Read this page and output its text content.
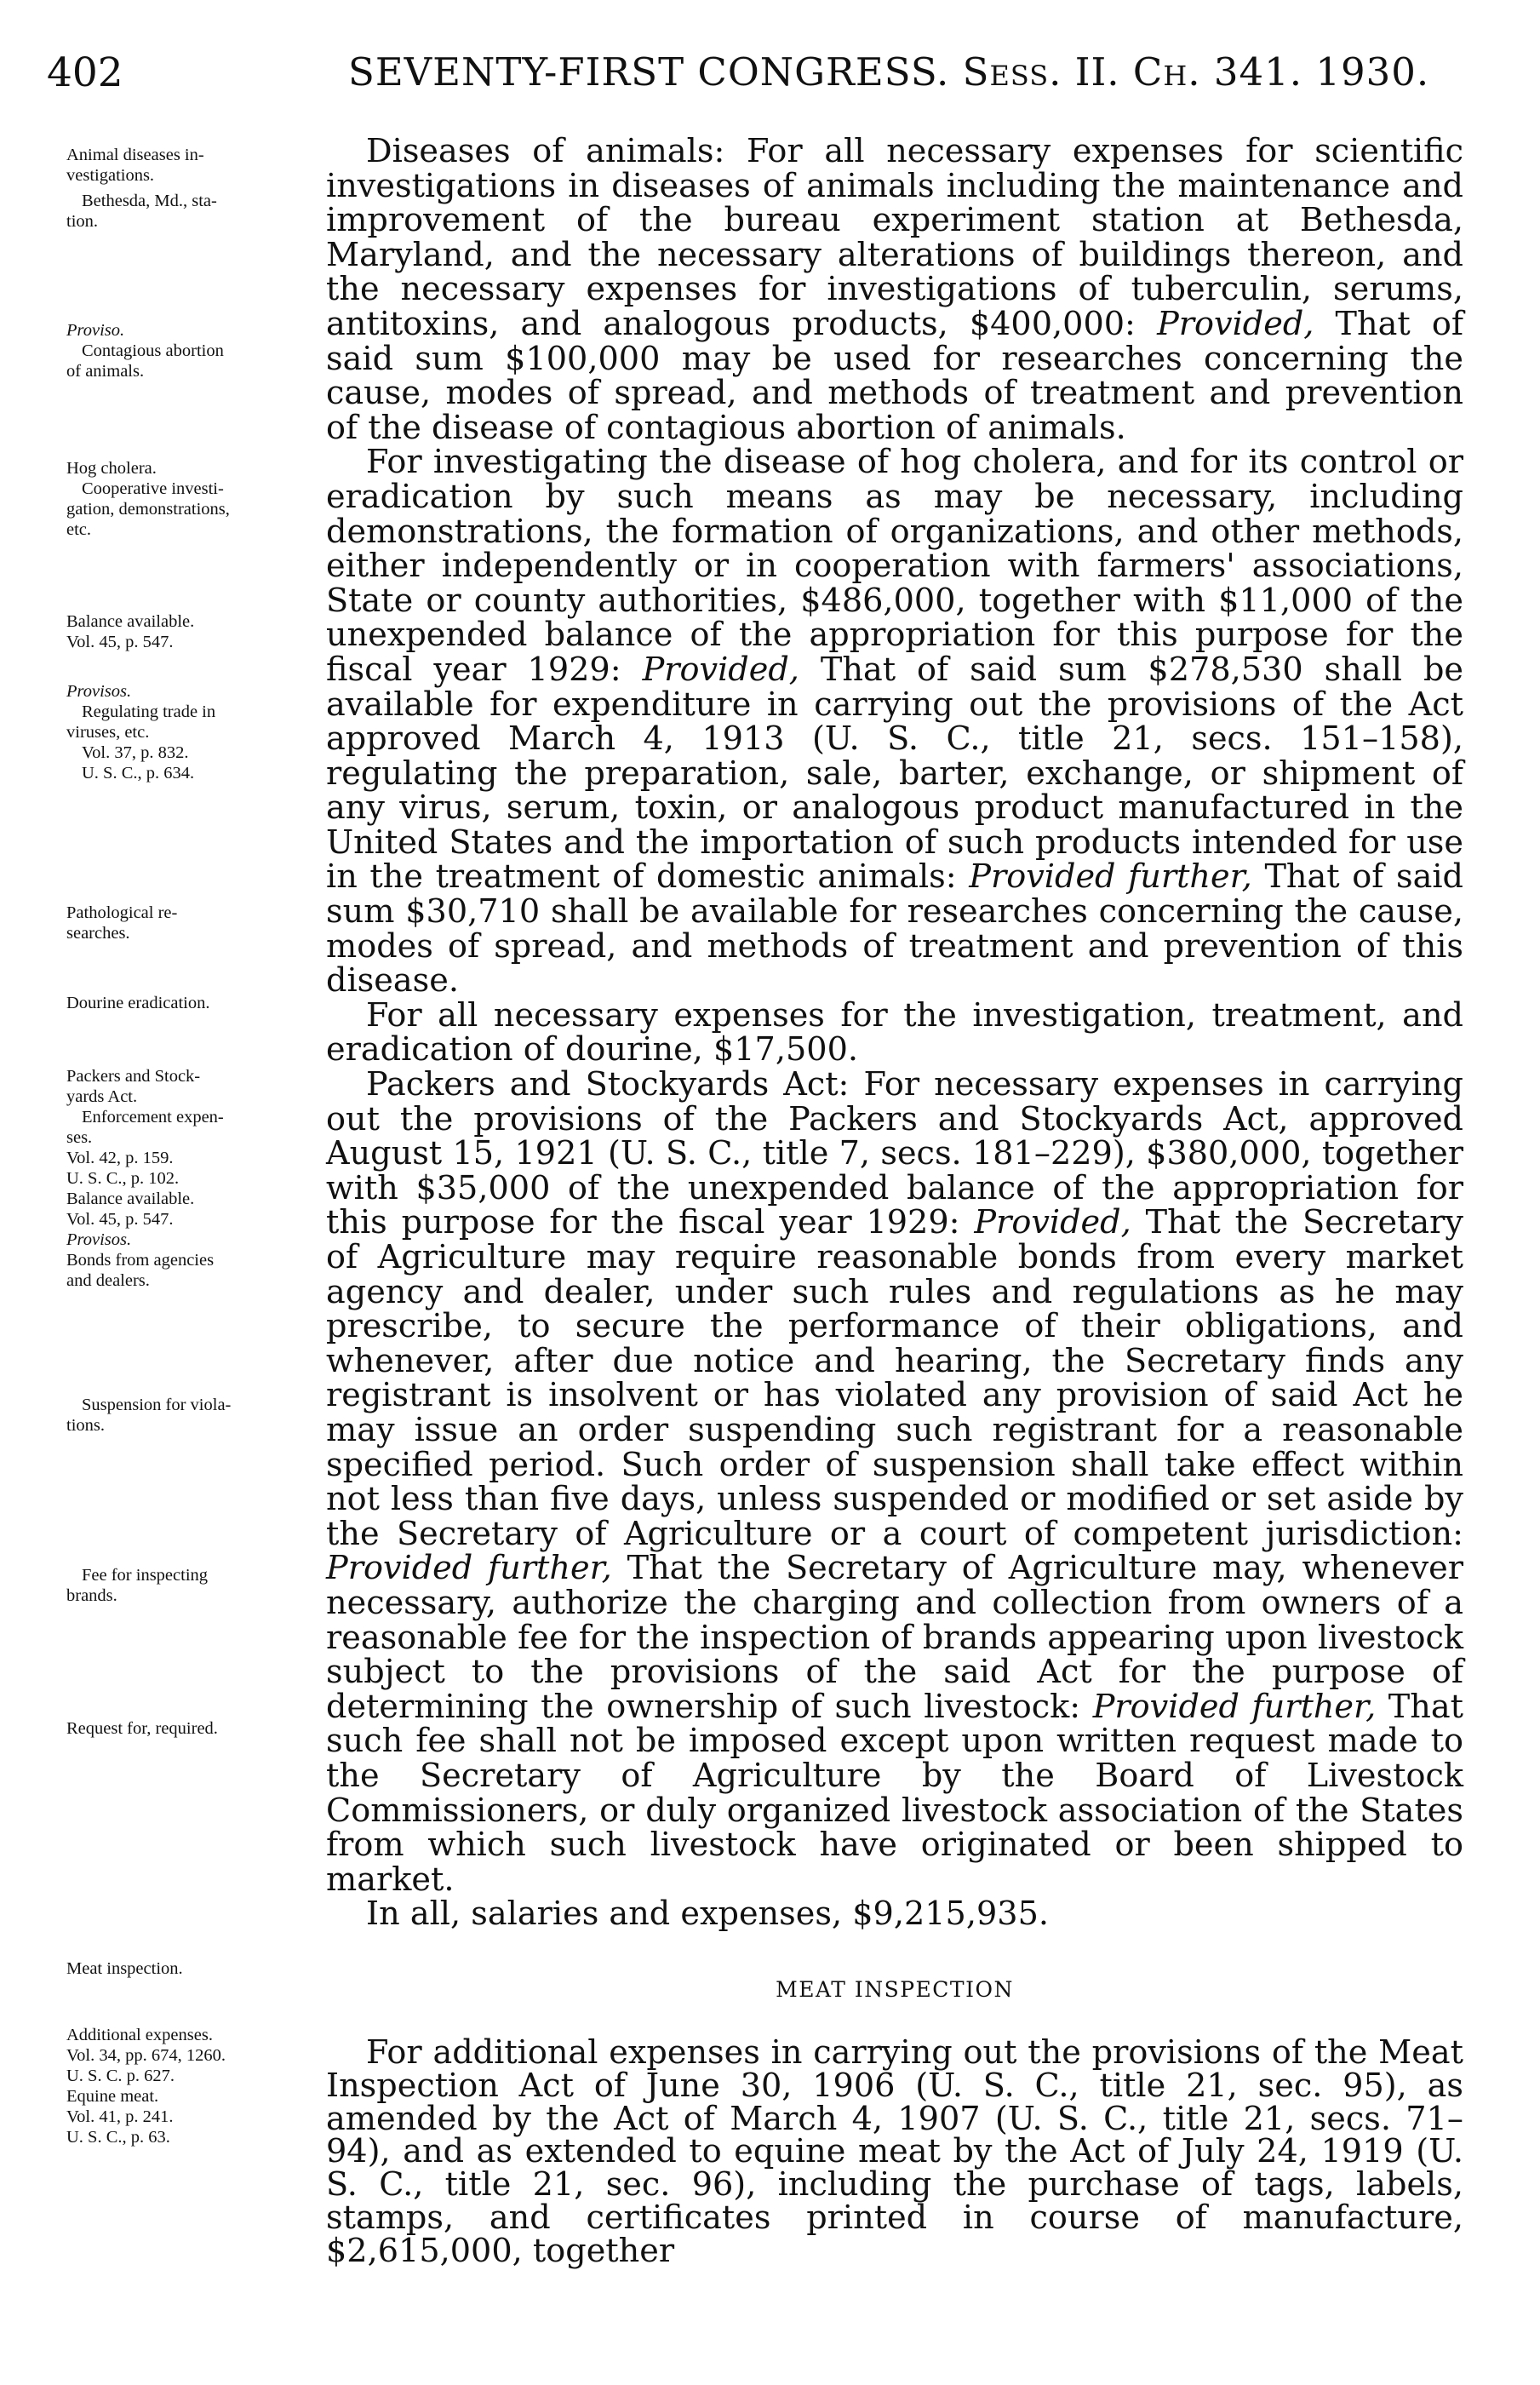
402	SEVENTY-FIRST CONGRESS. Sess. II. Ch. 341. 1930.
Animal diseases in-
vestigations.
Bethesda, Md., sta-
tion.
Proviso.
Contagious abortion
of animals.
Hog cholera.
Cooperative investi-
gation, demonstrations,
etc.
Balance available.
Vol. 45, p. 547.
Provisos.
Regulating trade in
viruses, etc.
Vol. 37, p. 832.
U. S. C., p. 634.
Pathological re-
searches.
Dourine eradication.
Packers and Stock-
yards Act.
Enforcement expen-
ses.
Vol. 42, p. 159.
U. S. C., p. 102.
Balance available.
Vol. 45, p. 547.
Provisos.
Bonds from agencies
and dealers.
Suspension for viola-
tions.
Fee for inspecting
brands.
Request for, required.
Meat inspection.
Additional expenses.
Vol. 34, pp. 674, 1260.
U. S. C. p. 627.
Equine meat.
Vol. 41, p. 241.
U. S. C., p. 63.

Diseases of animals: For all necessary expenses for scientific investigations in diseases of animals including the maintenance and improvement of the bureau experiment station at Bethesda, Maryland, and the necessary alterations of buildings thereon, and the necessary expenses for investigations of tuberculin, serums, antitoxins, and analogous products, $400,000: Provided, That of said sum $100,000 may be used for researches concerning the cause, modes of spread, and methods of treatment and prevention of the disease of contagious abortion of animals.

For investigating the disease of hog cholera, and for its control or eradication by such means as may be necessary, including demonstrations, the formation of organizations, and other methods, either independently or in cooperation with farmers' associations, State or county authorities, $486,000, together with $11,000 of the unexpended balance of the appropriation for this purpose for the fiscal year 1929: Provided, That of said sum $278,530 shall be available for expenditure in carrying out the provisions of the Act approved March 4, 1913 (U. S. C., title 21, secs. 151–158), regulating the preparation, sale, barter, exchange, or shipment of any virus, serum, toxin, or analogous product manufactured in the United States and the importation of such products intended for use in the treatment of domestic animals: Provided further, That of said sum $30,710 shall be available for researches concerning the cause, modes of spread, and methods of treatment and prevention of this disease.

For all necessary expenses for the investigation, treatment, and eradication of dourine, $17,500.

Packers and Stockyards Act: For necessary expenses in carrying out the provisions of the Packers and Stockyards Act, approved August 15, 1921 (U. S. C., title 7, secs. 181–229), $380,000, together with $35,000 of the unexpended balance of the appropriation for this purpose for the fiscal year 1929: Provided, That the Secretary of Agriculture may require reasonable bonds from every market agency and dealer, under such rules and regulations as he may prescribe, to secure the performance of their obligations, and whenever, after due notice and hearing, the Secretary finds any registrant is insolvent or has violated any provision of said Act he may issue an order suspending such registrant for a reasonable specified period. Such order of suspension shall take effect within not less than five days, unless suspended or modified or set aside by the Secretary of Agriculture or a court of competent jurisdiction: Provided further, That the Secretary of Agriculture may, whenever necessary, authorize the charging and collection from owners of a reasonable fee for the inspection of brands appearing upon livestock subject to the provisions of the said Act for the purpose of determining the ownership of such livestock: Provided further, That such fee shall not be imposed except upon written request made to the Secretary of Agriculture by the Board of Livestock Commissioners, or duly organized livestock association of the States from which such livestock have originated or been shipped to market.

In all, salaries and expenses, $9,215,935.

MEAT INSPECTION

For additional expenses in carrying out the provisions of the Meat Inspection Act of June 30, 1906 (U. S. C., title 21, sec. 95), as amended by the Act of March 4, 1907 (U. S. C., title 21, secs. 71–94), and as extended to equine meat by the Act of July 24, 1919 (U. S. C., title 21, sec. 96), including the purchase of tags, labels, stamps, and certificates printed in course of manufacture, $2,615,000, together
